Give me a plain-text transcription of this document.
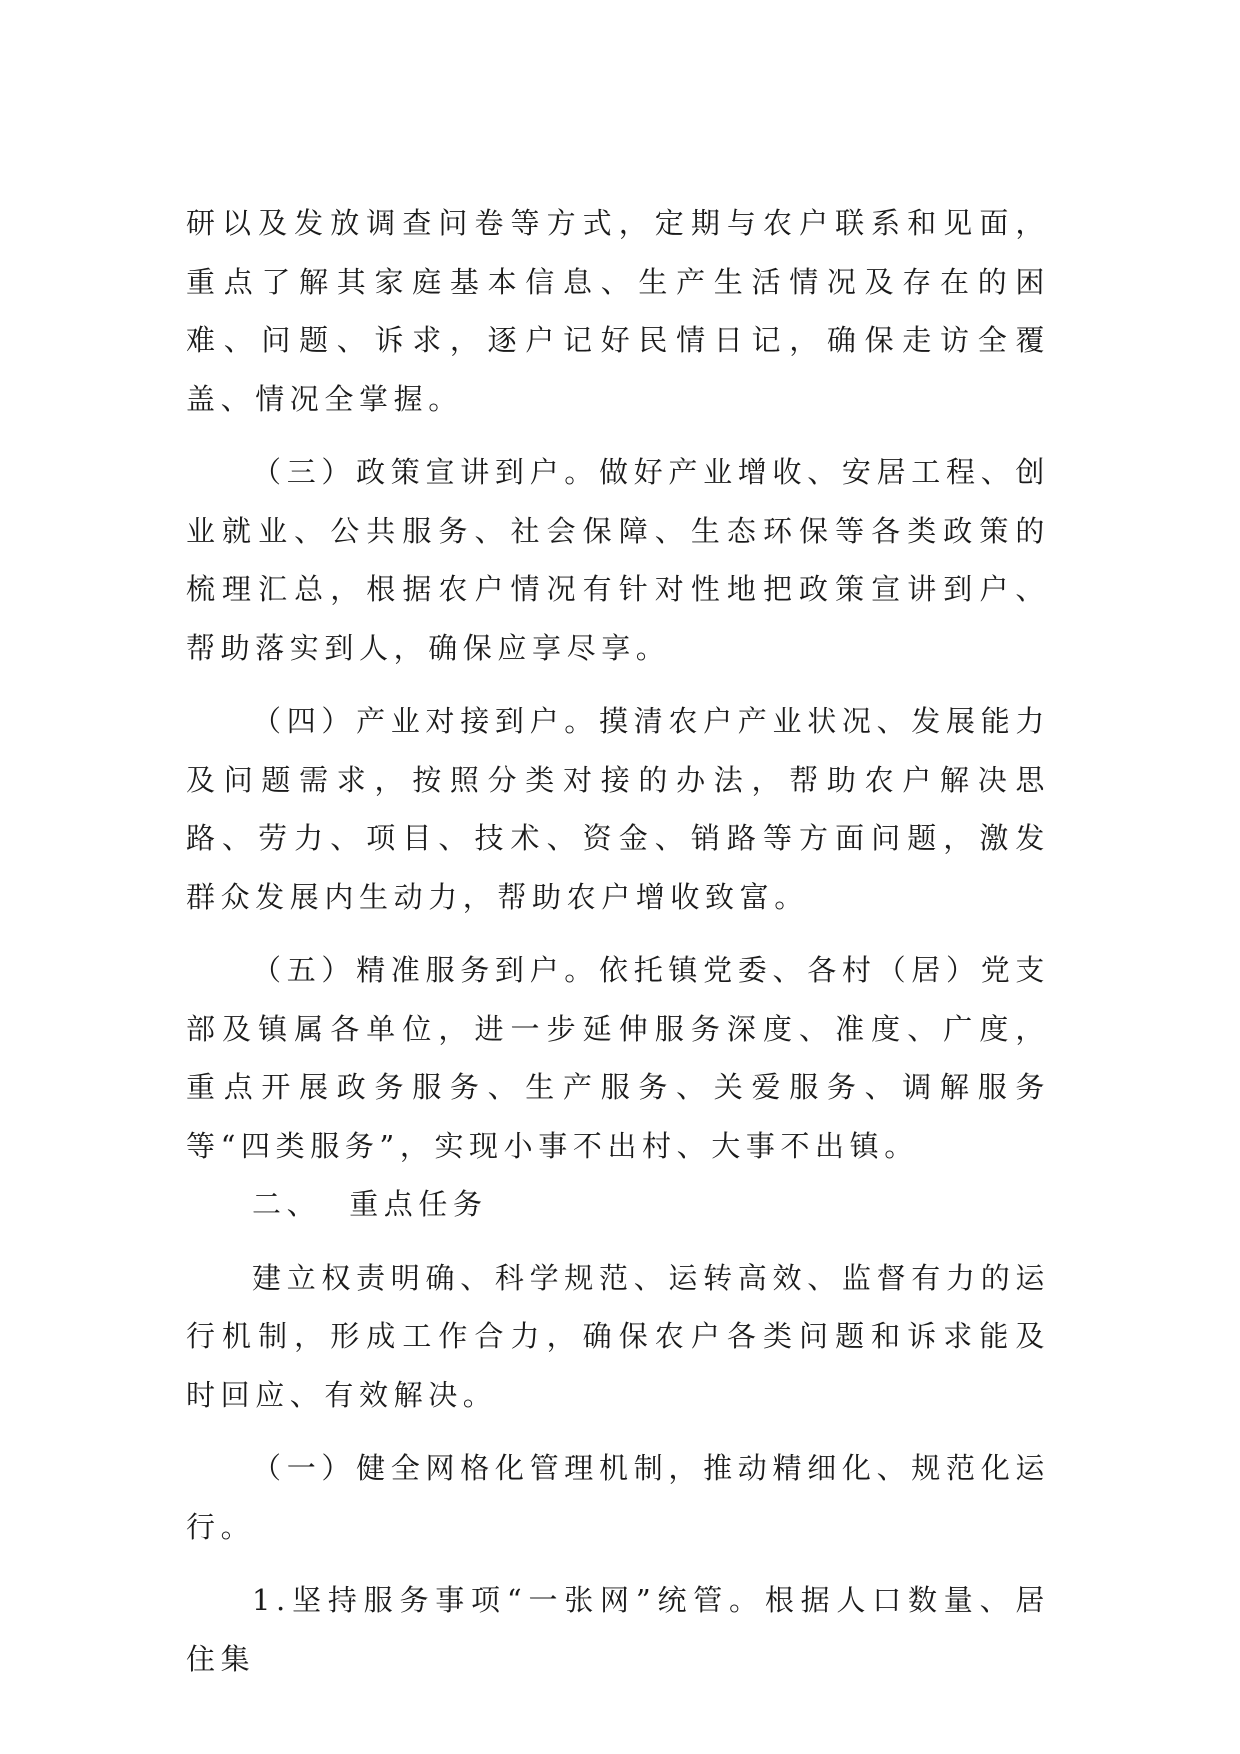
研以及发放调查问卷等方式，定期与农户联系和见面，重点了解其家庭基本信息、生产生活情况及存在的困难、问题、诉求，逐户记好民情日记，确保走访全覆盖、情况全掌握。

（三）政策宣讲到户。做好产业增收、安居工程、创业就业、公共服务、社会保障、生态环保等各类政策的梳理汇总，根据农户情况有针对性地把政策宣讲到户、帮助落实到人，确保应享尽享。

（四）产业对接到户。摸清农户产业状况、发展能力及问题需求，按照分类对接的办法，帮助农户解决思路、劳力、项目、技术、资金、销路等方面问题，激发群众发展内生动力，帮助农户增收致富。

（五）精准服务到户。依托镇党委、各村（居）党支部及镇属各单位，进一步延伸服务深度、准度、广度，重点开展政务服务、生产服务、关爱服务、调解服务等“四类服务”，实现小事不出村、大事不出镇。

二、 重点任务

建立权责明确、科学规范、运转高效、监督有力的运行机制，形成工作合力，确保农户各类问题和诉求能及时回应、有效解决。

（一）健全网格化管理机制，推动精细化、规范化运行。

1.坚持服务事项“一张网”统管。根据人口数量、居住集
